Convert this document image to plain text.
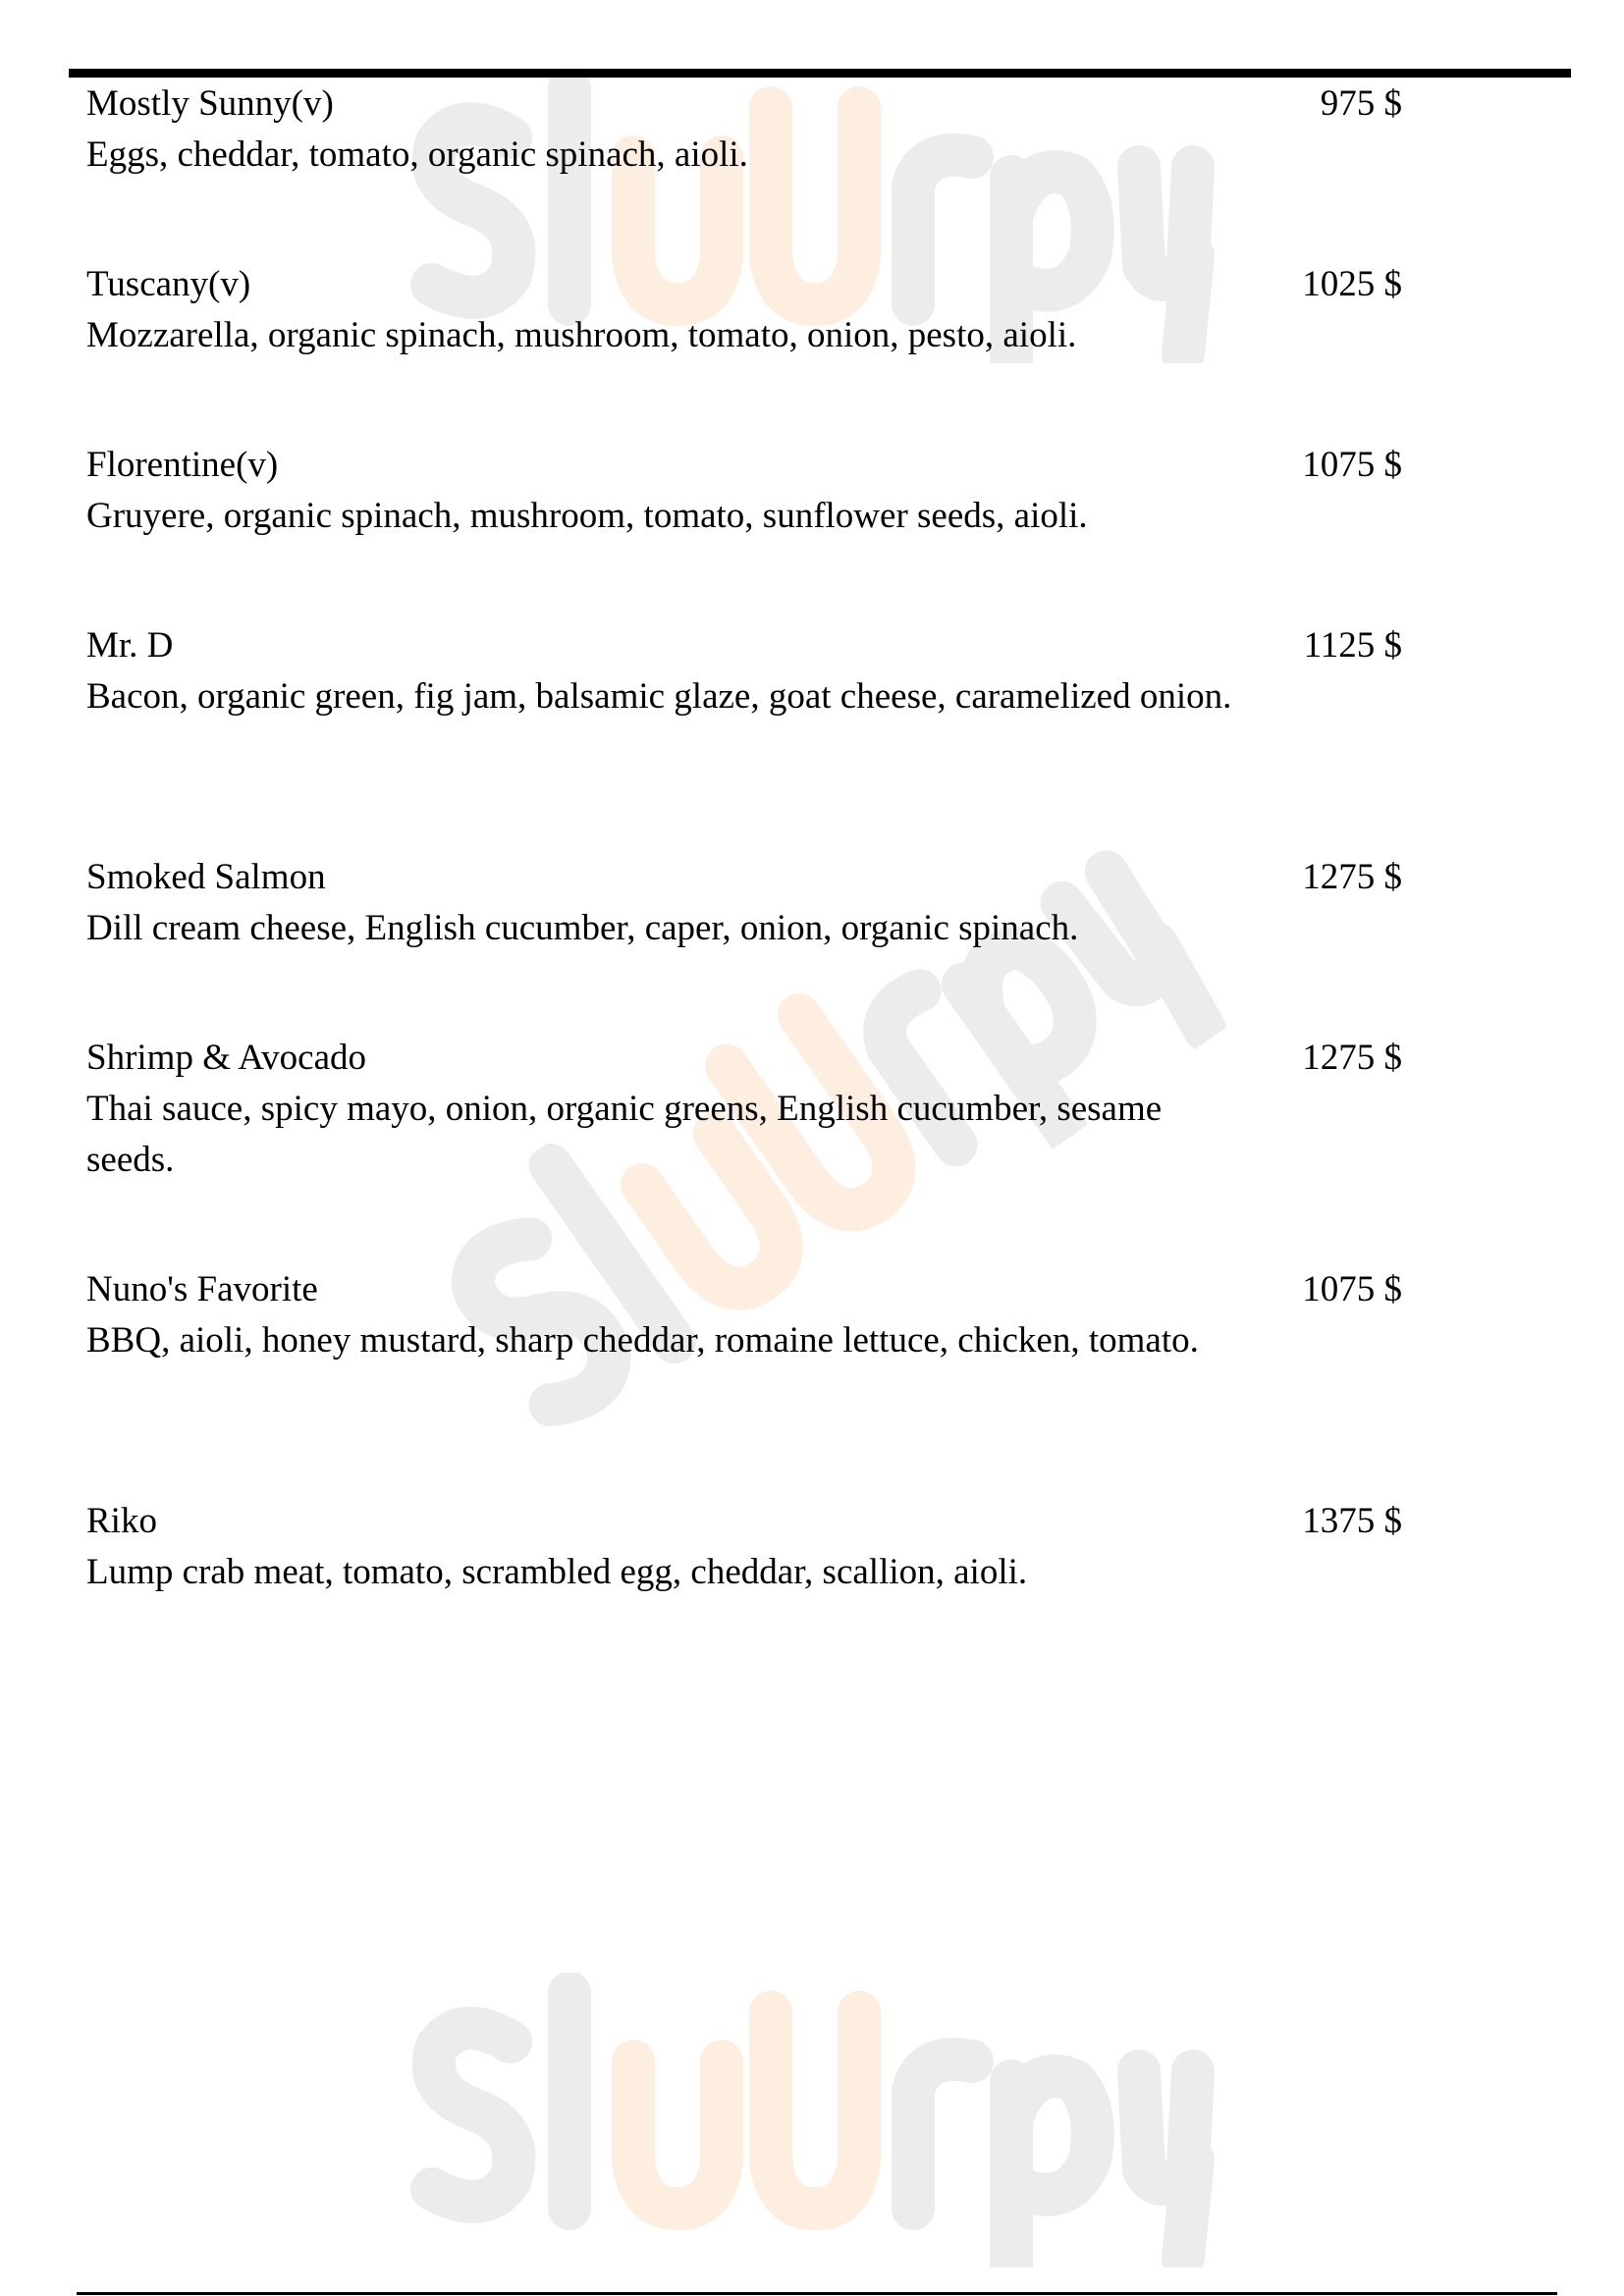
Mostly Sunny(v)
Eggs, cheddar, tomato, organic spinach, aioli.
975 $
Tuscany(v)
Mozzarella, organic spinach, mushroom, tomato, onion, pesto, aioli.
1025 $
Florentine(v)
Gruyere, organic spinach, mushroom, tomato, sunflower seeds, aioli.
1075 $
Mr. D
Bacon, organic green, fig jam, balsamic glaze, goat cheese, caramelized onion.
1125 $
Smoked Salmon
Dill cream cheese, English cucumber, caper, onion, organic spinach.
1275 $
Shrimp & Avocado
Thai sauce, spicy mayo, onion, organic greens, English cucumber, sesame seeds.
1275 $
Nuno's Favorite
BBQ, aioli, honey mustard, sharp cheddar, romaine lettuce, chicken, tomato.
1075 $
Riko
Lump crab meat, tomato, scrambled egg, cheddar, scallion, aioli.
1375 $
